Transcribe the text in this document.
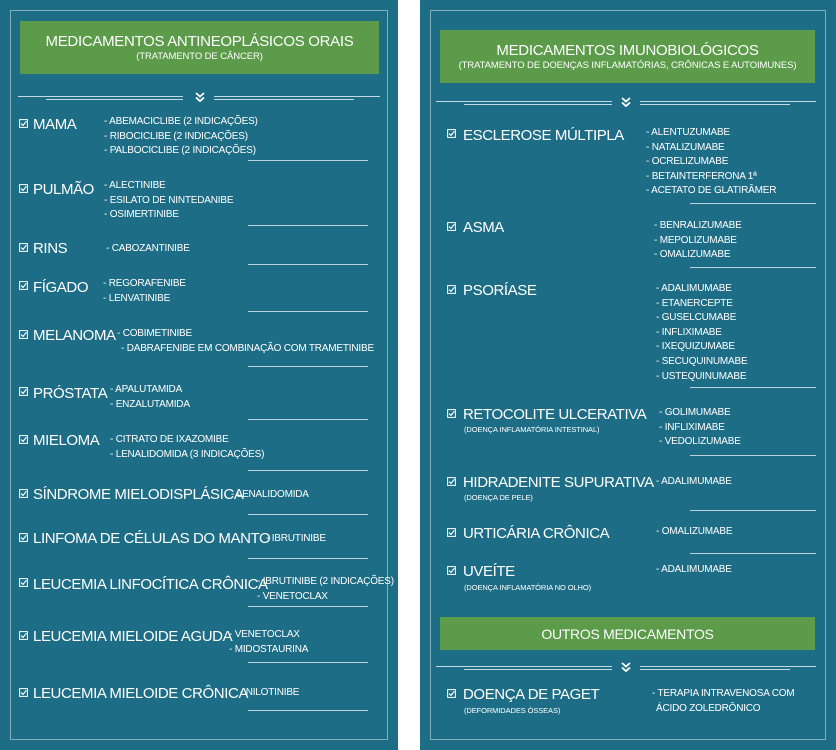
MEDICAMENTOS ANTINEOPLÁSICOS ORAIS
(TRATAMENTO DE CÂNCER)
MAMA	- ABEMACICLIBE (2 INDICAÇÕES)
- RIBOCICLIBE (2 INDICAÇÕES)
- PALBOCICLIBE (2 INDICAÇÕES)
PULMÃO - ALECTINIBE
- ESILATO DE NINTEDANIBE
- OSIMERTINIBE
RINS	- CABOZANTINIBE
FÍGADO - REGORAFENIBE
- LENVATINIBE
MELANOMA - COBIMETINIBE
- DABRAFENIBE EM COMBINAÇÃO COM TRAMETINIBE
PRÓSTATA - APALUTAMIDA
- ENZALUTAMIDA
MIELOMA - CITRATO DE IXAZOMIBE
- LENALIDOMIDA (3 INDICAÇÕES)
SÍNDROME MIELODISPLÁSICA
- LENALIDOMIDA
LINFOMA DE CÉLULAS DO MANTO
- IBRUTINIBE
LEUCEMIA LINFOCÍTICA CRÔNICA
- IBRUTINIBE (2 INDICAÇÕES)
- VENETOCLAX
LEUCEMIA MIELOIDE AGUDA
- VENETOCLAX
- MIDOSTAURINA
LEUCEMIA MIELOIDE CRÔNICA
- NILOTINIBE
MEDICAMENTOS IMUNOBIOLÓGICOS
(TRATAMENTO DE DOENÇAS INFLAMATÓRIAS, CRÔNICAS E AUTOIMUNES)
ESCLEROSE MÚLTIPLA - ALENTUZUMABE
- NATALIZUMABE
- OCRELIZUMABE
- BETAINTERFERONA 1ª
- ACETATO DE GLATIRÂMER
ASMA	- BENRALIZUMABE
- MEPOLIZUMABE
- OMALIZUMABE
PSORÍASE	- ADALIMUMABE
- ETANERCEPTE
- GUSELCUMABE
- INFLIXIMABE
- IXEQUIZUMABE
- SECUQUINUMABE
- USTEQUINUMABE
RETOCOLITE ULCERATIVA
(DOENÇA INFLAMATÓRIA INTESTINAL)
- GOLIMUMABE
- INFLIXIMABE
- VEDOLIZUMABE
HIDRADENITE SUPURATIVA
(DOENÇA DE PELE)
- ADALIMUMABE
URTICÁRIA CRÔNICA	- OMALIZUMABE
UVEÍTE
(DOENÇA INFLAMATÓRIA NO OLHO)
- ADALIMUMABE
OUTROS MEDICAMENTOS
DOENÇA DE PAGET
(DEFORMIDADES ÓSSEAS)
- TERAPIA INTRAVENOSA COM
ÁCIDO ZOLEDRÔNICO
